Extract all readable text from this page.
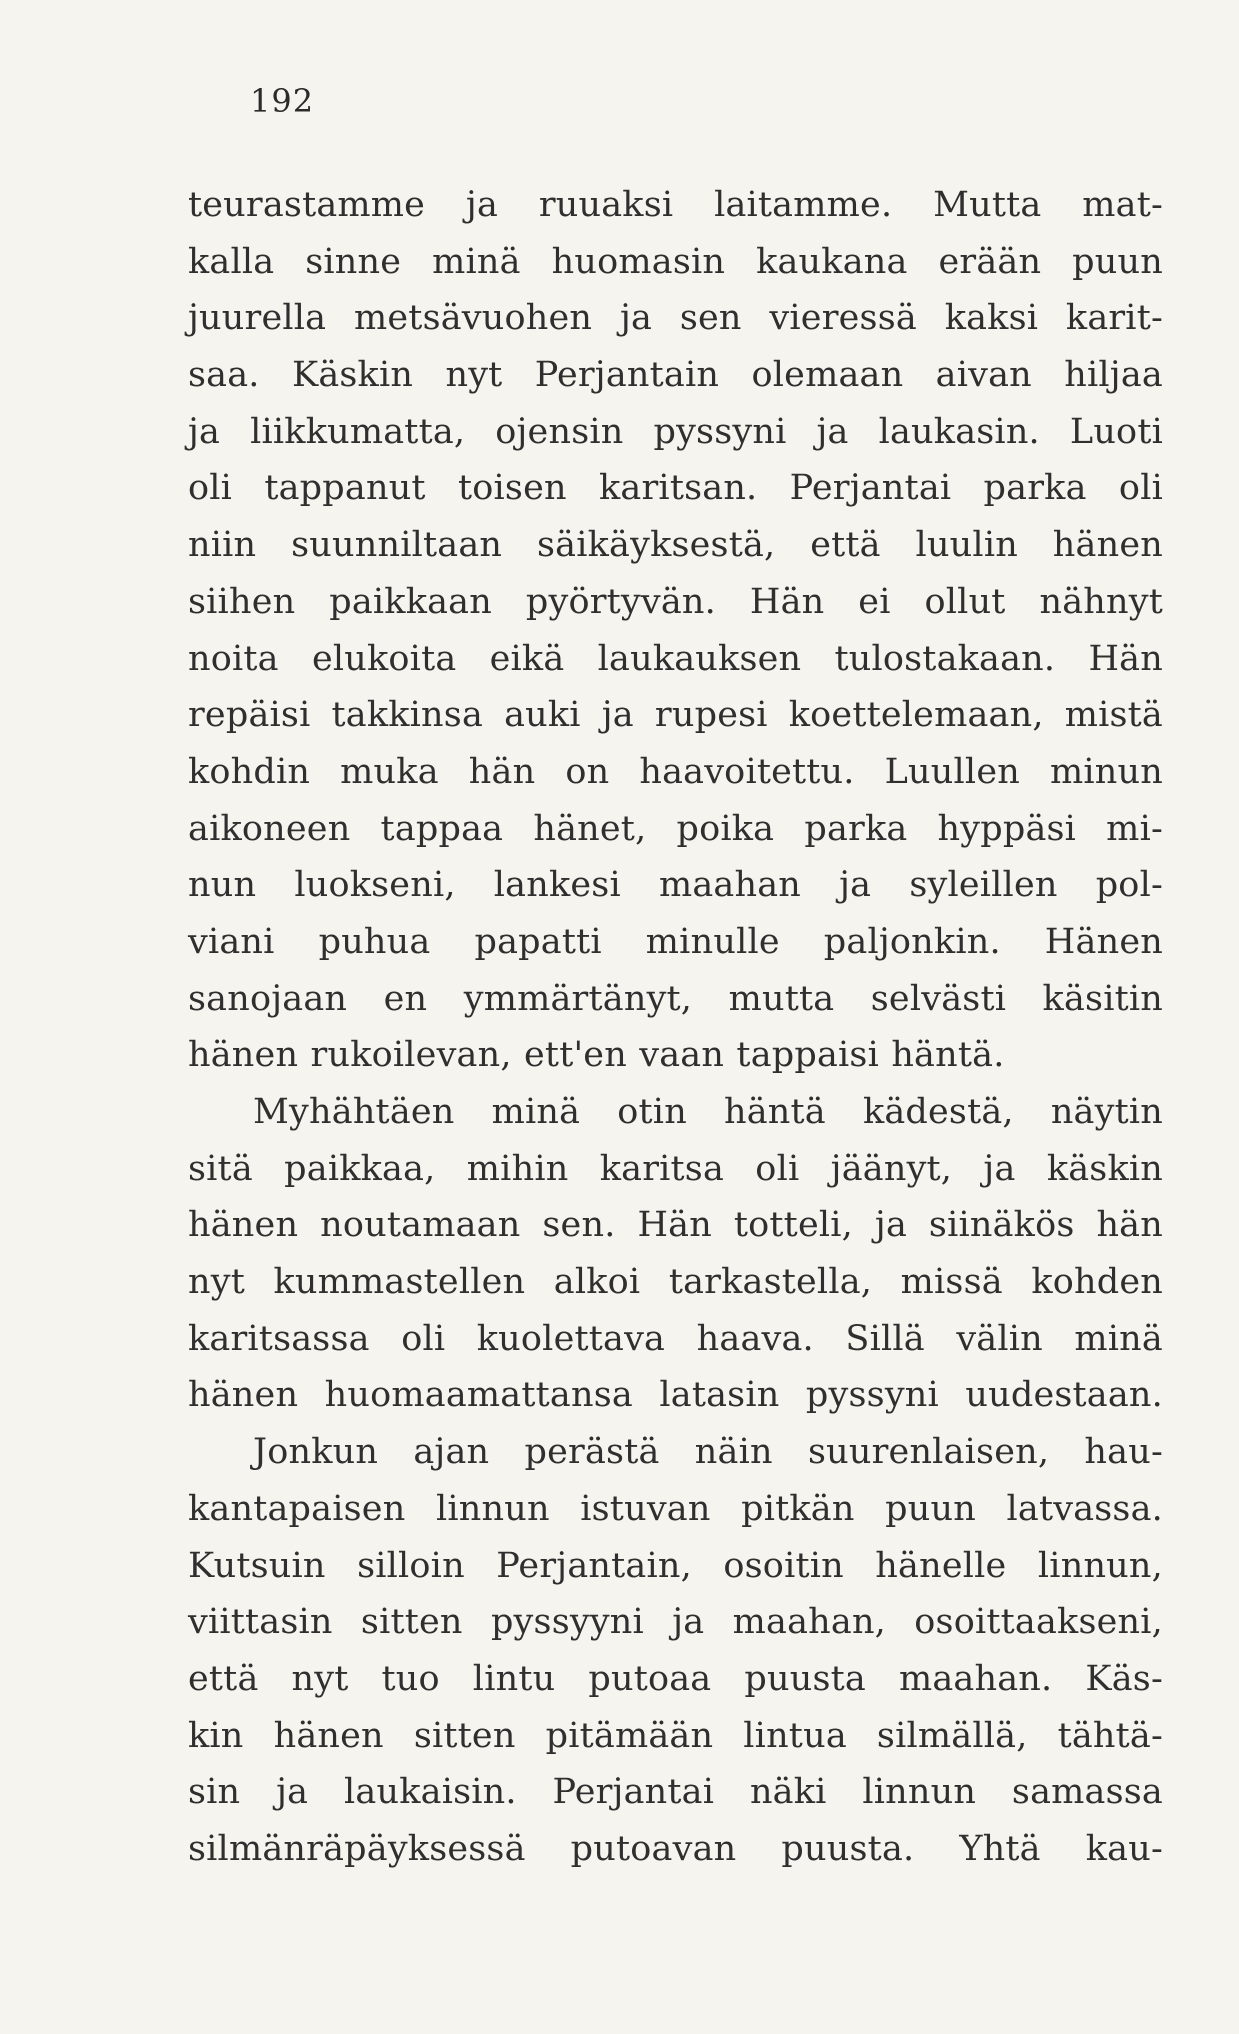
192
teurastamme ja ruuaksi laitamme. Mutta mat-
kalla sinne minä huomasin kaukana erään puun
juurella metsävuohen ja sen vieressä kaksi karit-
saa. Käskin nyt Perjantain olemaan aivan hiljaa
ja liikkumatta, ojensin pyssyni ja laukasin. Luoti
oli tappanut toisen karitsan. Perjantai parka oli
niin suunniltaan säikäyksestä, että luulin hänen
siihen paikkaan pyörtyvän. Hän ei ollut nähnyt
noita elukoita eikä laukauksen tulostakaan. Hän
repäisi takkinsa auki ja rupesi koettelemaan, mistä
kohdin muka hän on haavoitettu. Luullen minun
aikoneen tappaa hänet, poika parka hyppäsi mi-
nun luokseni, lankesi maahan ja syleillen pol-
viani puhua papatti minulle paljonkin. Hänen
sanojaan en ymmärtänyt, mutta selvästi käsitin
hänen rukoilevan, ett'en vaan tappaisi häntä.
Myhähtäen minä otin häntä kädestä, näytin
sitä paikkaa, mihin karitsa oli jäänyt, ja käskin
hänen noutamaan sen. Hän totteli, ja siinäkös hän
nyt kummastellen alkoi tarkastella, missä kohden
karitsassa oli kuolettava haava. Sillä välin minä
hänen huomaamattansa latasin pyssyni uudestaan.
Jonkun ajan perästä näin suurenlaisen, hau-
kantapaisen linnun istuvan pitkän puun latvassa.
Kutsuin silloin Perjantain, osoitin hänelle linnun,
viittasin sitten pyssyyni ja maahan, osoittaakseni,
että nyt tuo lintu putoaa puusta maahan. Käs-
kin hänen sitten pitämään lintua silmällä, tähtä-
sin ja laukaisin. Perjantai näki linnun samassa
silmänräpäyksessä putoavan puusta. Yhtä kau-
